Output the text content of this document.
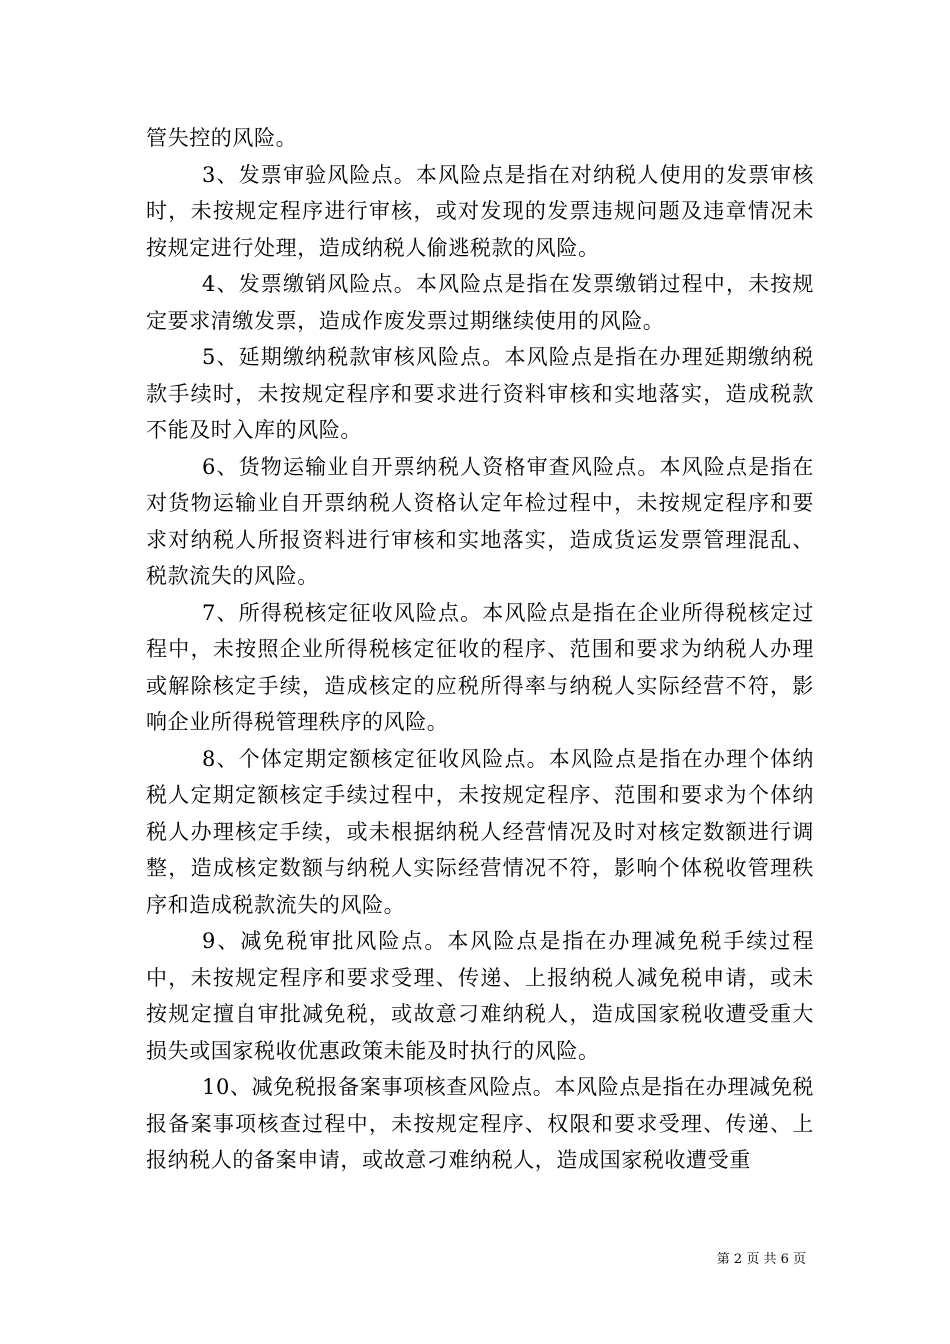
管失控的风险。

3、发票审验风险点。本风险点是指在对纳税人使用的发票审核时，未按规定程序进行审核，或对发现的发票违规问题及违章情况未按规定进行处理，造成纳税人偷逃税款的风险。

4、发票缴销风险点。本风险点是指在发票缴销过程中，未按规定要求清缴发票，造成作废发票过期继续使用的风险。

5、延期缴纳税款审核风险点。本风险点是指在办理延期缴纳税款手续时，未按规定程序和要求进行资料审核和实地落实，造成税款不能及时入库的风险。

6、货物运输业自开票纳税人资格审查风险点。本风险点是指在对货物运输业自开票纳税人资格认定年检过程中，未按规定程序和要求对纳税人所报资料进行审核和实地落实，造成货运发票管理混乱、税款流失的风险。

7、所得税核定征收风险点。本风险点是指在企业所得税核定过程中，未按照企业所得税核定征收的程序、范围和要求为纳税人办理或解除核定手续，造成核定的应税所得率与纳税人实际经营不符，影响企业所得税管理秩序的风险。

8、个体定期定额核定征收风险点。本风险点是指在办理个体纳税人定期定额核定手续过程中，未按规定程序、范围和要求为个体纳税人办理核定手续，或未根据纳税人经营情况及时对核定数额进行调整，造成核定数额与纳税人实际经营情况不符，影响个体税收管理秩序和造成税款流失的风险。

9、减免税审批风险点。本风险点是指在办理减免税手续过程中，未按规定程序和要求受理、传递、上报纳税人减免税申请，或未按规定擅自审批减免税，或故意刁难纳税人，造成国家税收遭受重大损失或国家税收优惠政策未能及时执行的风险。

10、减免税报备案事项核查风险点。本风险点是指在办理减免税报备案事项核查过程中，未按规定程序、权限和要求受理、传递、上报纳税人的备案申请，或故意刁难纳税人，造成国家税收遭受重

第 2 页 共 6 页
